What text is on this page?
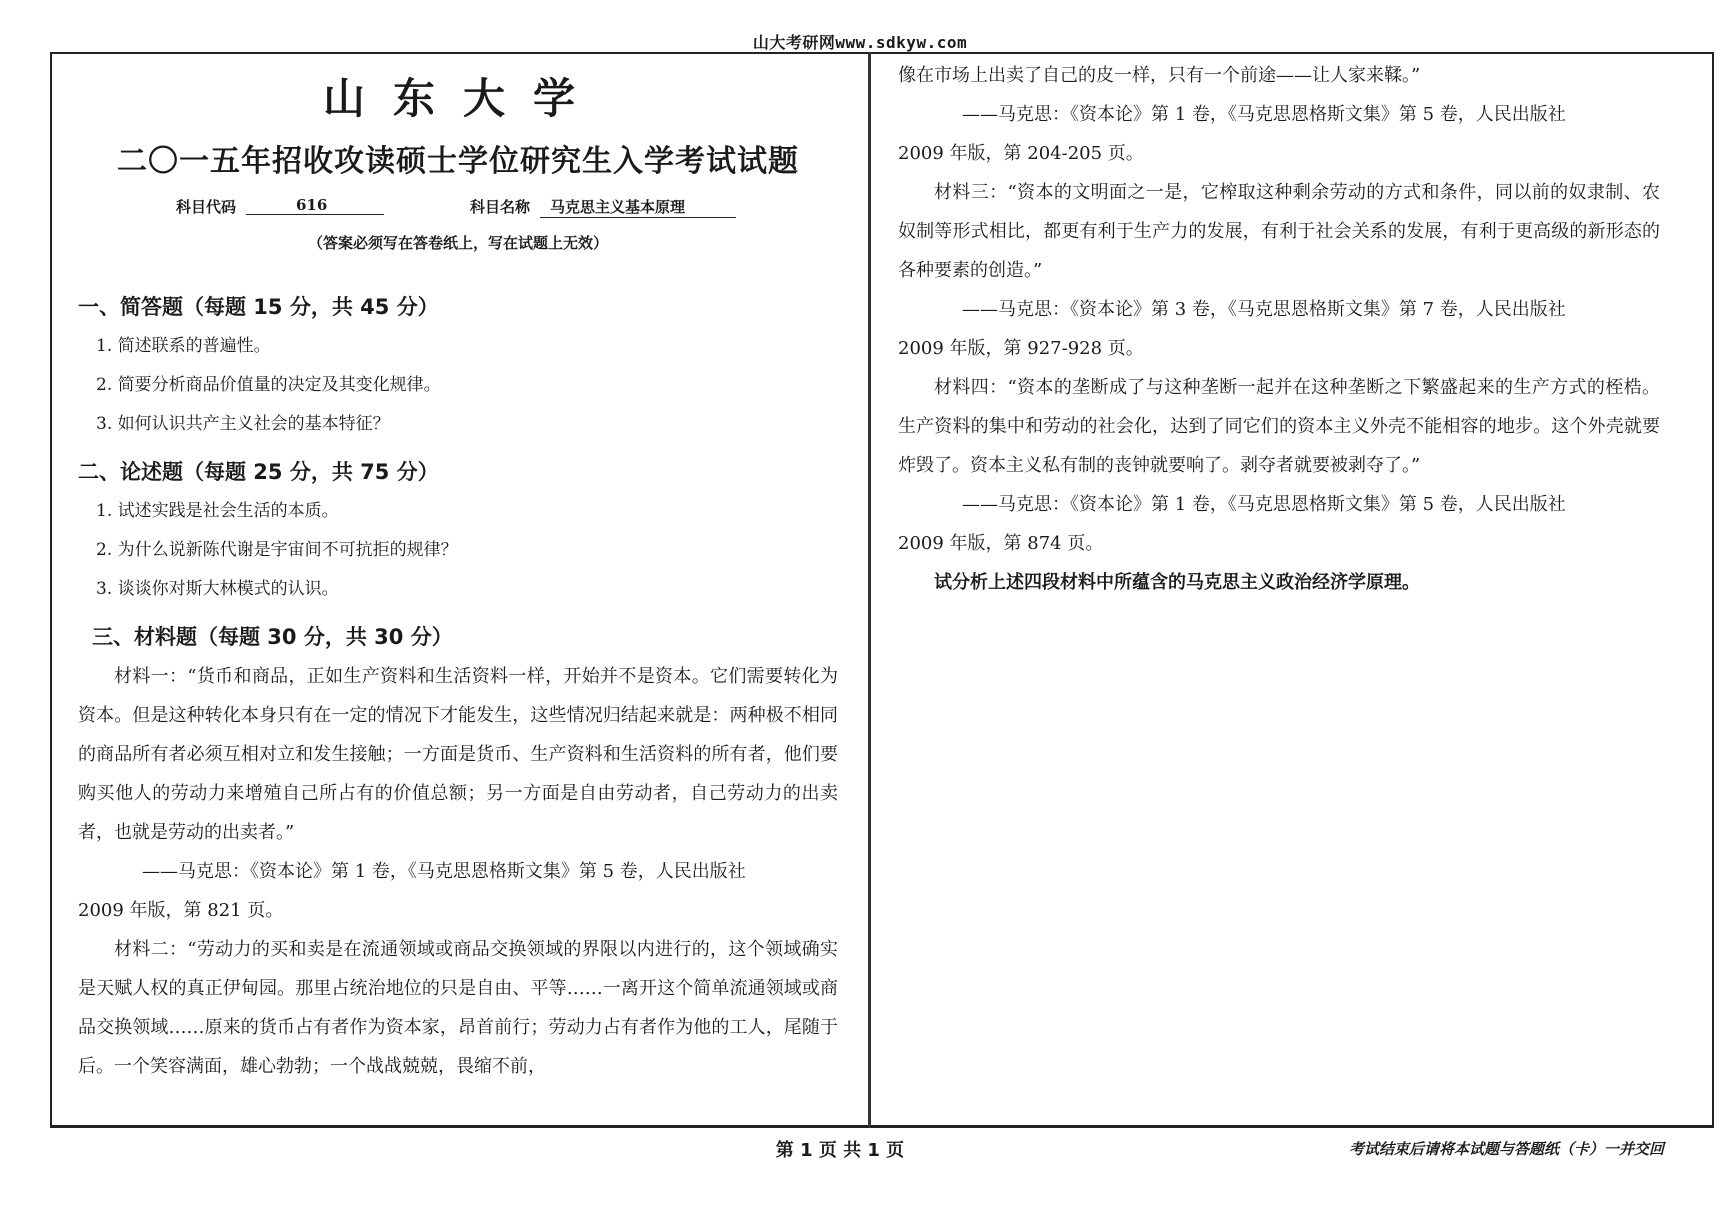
山大考研网www.sdkyw.com
山东大学
二〇一五年招收攻读硕士学位研究生入学考试试题
科目代码	616	科目名称	马克思主义基本原理
（答案必须写在答卷纸上，写在试题上无效）
一、简答题（每题 15 分，共 45 分）
1. 简述联系的普遍性。
2. 简要分析商品价值量的决定及其变化规律。
3. 如何认识共产主义社会的基本特征？
二、论述题（每题 25 分，共 75 分）
1. 试述实践是社会生活的本质。
2. 为什么说新陈代谢是宇宙间不可抗拒的规律？
3. 谈谈你对斯大林模式的认识。
三、材料题（每题 30 分，共 30 分）
材料一：“货币和商品，正如生产资料和生活资料一样，开始并不是资本。它们需要转化为资本。但是这种转化本身只有在一定的情况下才能发生，这些情况归结起来就是：两种极不相同的商品所有者必须互相对立和发生接触；一方面是货币、生产资料和生活资料的所有者，他们要购买他人的劳动力来增殖自己所占有的价值总额；另一方面是自由劳动者，自己劳动力的出卖者，也就是劳动的出卖者。”
——马克思：《资本论》第 1 卷，《马克思恩格斯文集》第 5 卷，人民出版社
2009 年版，第 821 页。
材料二：“劳动力的买和卖是在流通领域或商品交换领域的界限以内进行的，这个领域确实是天赋人权的真正伊甸园。那里占统治地位的只是自由、平等……一离开这个简单流通领域或商品交换领域……原来的货币占有者作为资本家，昂首前行；劳动力占有者作为他的工人，尾随于后。一个笑容满面，雄心勃勃；一个战战兢兢，畏缩不前，
像在市场上出卖了自己的皮一样，只有一个前途——让人家来鞣。”
——马克思：《资本论》第 1 卷，《马克思恩格斯文集》第 5 卷，人民出版社
2009 年版，第 204-205 页。
材料三：“资本的文明面之一是，它榨取这种剩余劳动的方式和条件，同以前的奴隶制、农奴制等形式相比，都更有利于生产力的发展，有利于社会关系的发展，有利于更高级的新形态的各种要素的创造。”
——马克思：《资本论》第 3 卷，《马克思恩格斯文集》第 7 卷，人民出版社
2009 年版，第 927-928 页。
材料四：“资本的垄断成了与这种垄断一起并在这种垄断之下繁盛起来的生产方式的桎梏。生产资料的集中和劳动的社会化，达到了同它们的资本主义外壳不能相容的地步。这个外壳就要炸毁了。资本主义私有制的丧钟就要响了。剥夺者就要被剥夺了。”
——马克思：《资本论》第 1 卷，《马克思恩格斯文集》第 5 卷，人民出版社
2009 年版，第 874 页。
试分析上述四段材料中所蕴含的马克思主义政治经济学原理。
第 1 页 共 1 页	考试结束后请将本试题与答题纸（卡）一并交回
